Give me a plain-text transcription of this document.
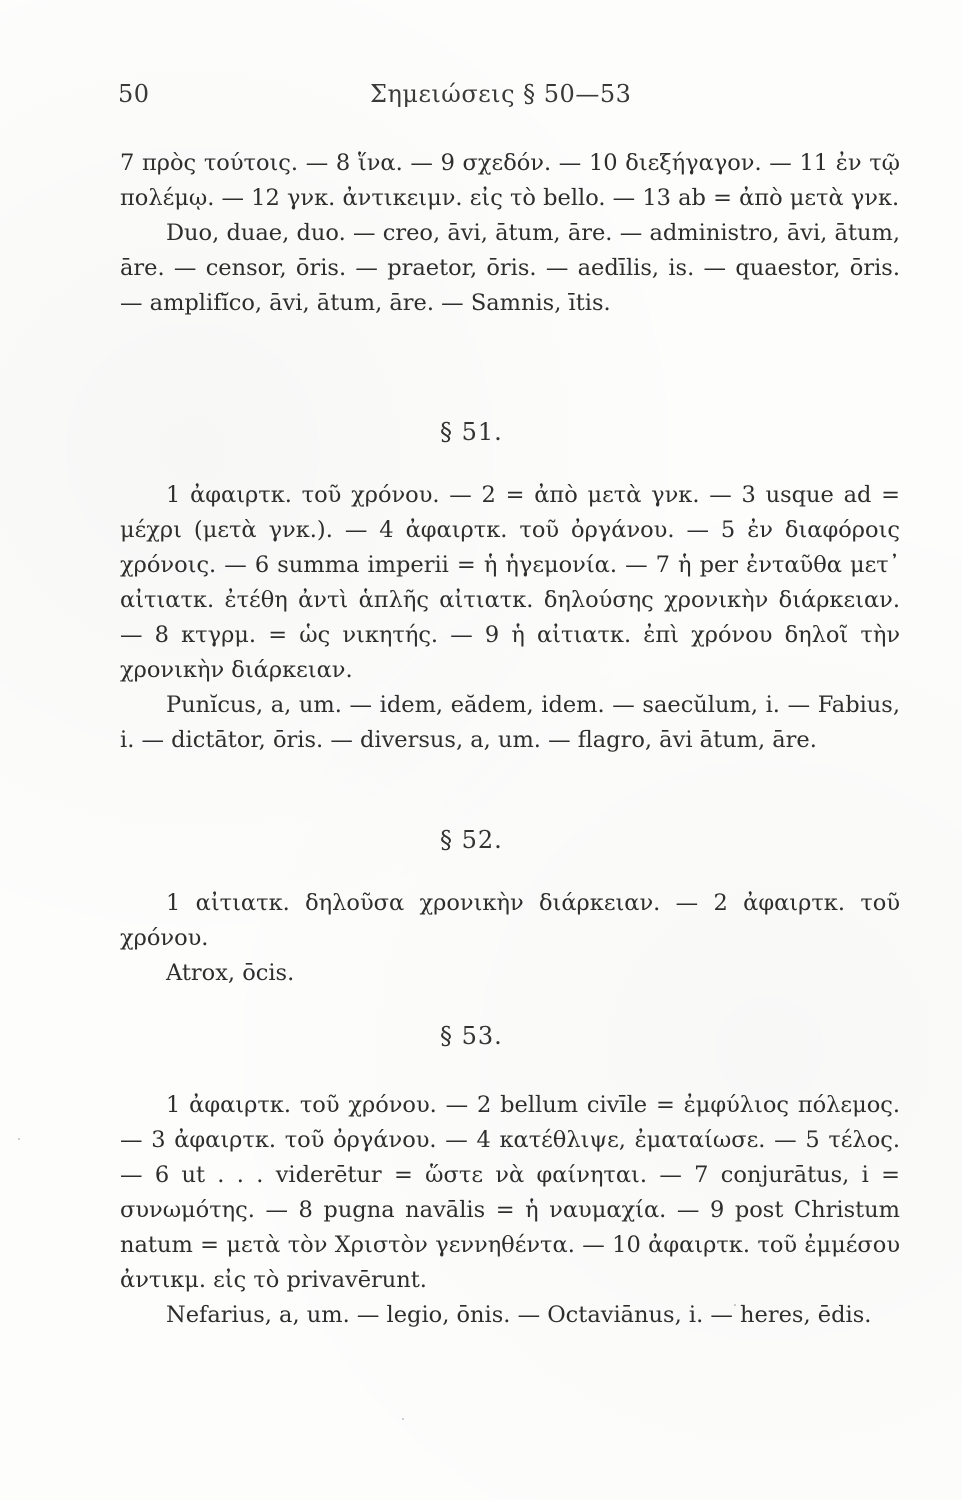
50	Σημειώσεις § 50—53

7 πρὸς τούτοις. — 8 ἵνα. — 9 σχεδόν. — 10 διεξήγαγον. — 11 ἐν τῷ πολέμῳ. — 12 γνκ. ἀντικειμν. εἰς τὸ bello. — 13 ab = ἀπὸ μετὰ γνκ.

Duo, duae, duo. — creo, āvi, ātum, āre. — administro, āvi, ātum, āre. — censor, ōris. — praetor, ōris. — aedīlis, is. — quaestor, ōris. — amplifĭco, āvi, ātum, āre. — Samnis, ītis.

§ 51.

1 ἀφαιρτκ. τοῦ χρόνου. — 2 = ἀπὸ μετὰ γνκ. — 3 usque ad = μέχρι (μετὰ γνκ.). — 4 ἀφαιρτκ. τοῦ ὀργάνου. — 5 ἐν διαφόροις χρόνοις. — 6 summa imperii = ἡ ἡγεμονία. — 7 ἡ per ἐνταῦθα μετ᾽ αἰτιατκ. ἐτέθη ἀντὶ ἁπλῆς αἰτιατκ. δηλούσης χρονικὴν διάρκειαν. — 8 κτγρμ. = ὡς νικητής. — 9 ἡ αἰτιατκ. ἐπὶ χρόνου δηλοῖ τὴν χρονικὴν διάρκειαν.

Punĭcus, a, um. — idem, eădem, idem. — saecŭlum, i. — Fabius, i. — dictātor, ōris. — diversus, a, um. — flagro, āvi ātum, āre.

§ 52.

1 αἰτιατκ. δηλοῦσα χρονικὴν διάρκειαν. — 2 ἀφαιρτκ. τοῦ χρόνου.

Atrox, ōcis.

§ 53.

1 ἀφαιρτκ. τοῦ χρόνου. — 2 bellum civīle = ἐμφύλιος πόλεμος. — 3 ἀφαιρτκ. τοῦ ὀργάνου. — 4 κατέθλιψε, ἐματαίωσε. — 5 τέλος. — 6 ut . . . viderētur = ὥστε νὰ φαίνηται. — 7 conjurātus, i = συνωμότης. — 8 pugna navālis = ἡ ναυμαχία. — 9 post Christum natum = μετὰ τὸν Χριστὸν γεννηθέντα. — 10 ἀφαιρτκ. τοῦ ἐμμέσου ἀντικμ. εἰς τὸ privavērunt.

Nefarius, a, um. — legio, ōnis. — Octaviānus, i. — heres, ēdis.
